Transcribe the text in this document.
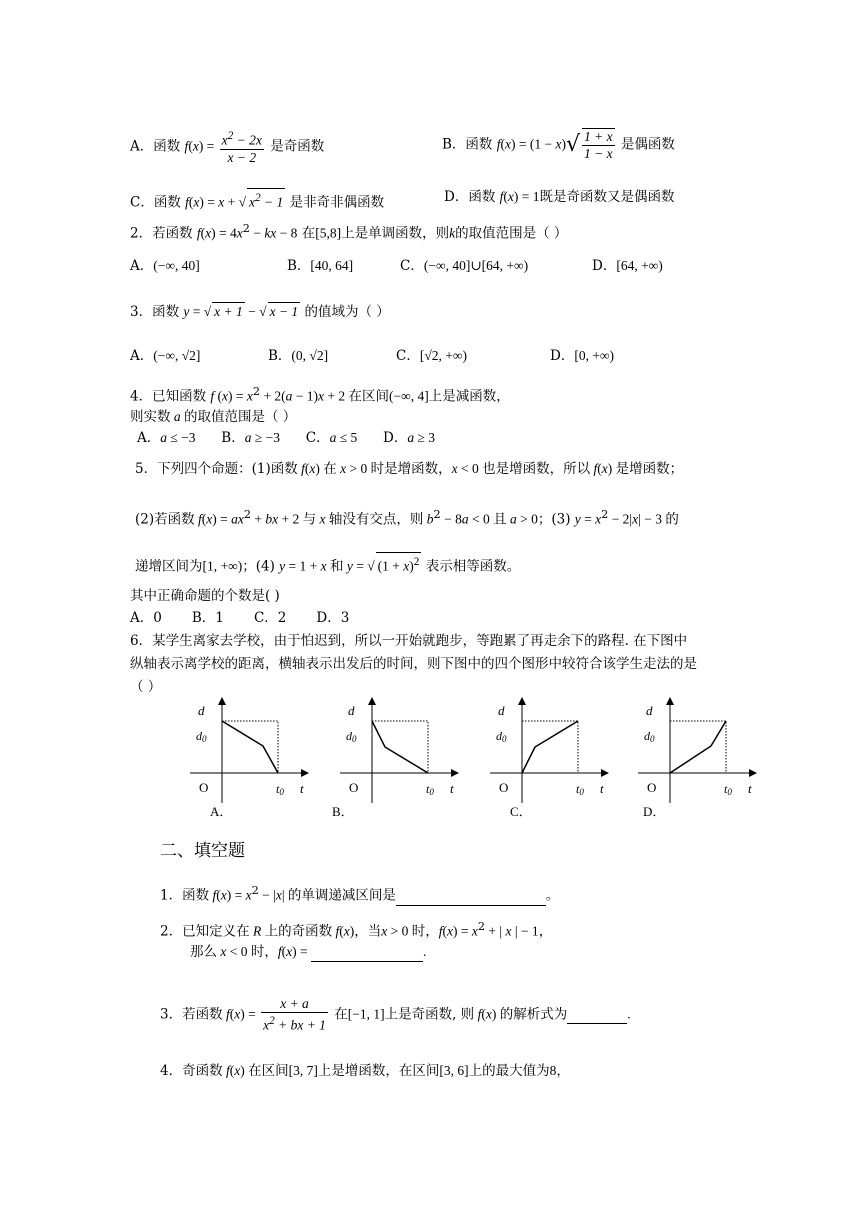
A．函数 $f(x) = \frac{x^2 - 2x}{x - 2}$ 是奇函数	B．函数 $f(x) = (1 - x)√ \frac{1 + x}{1 - x}$ 是偶函数
C．函数 f(x) = x + √ $x^2 - 1$ 是非奇非偶函数	D．函数 f(x) = 1既是奇函数又是偶函数
2．若函数 $f(x) = 4x^2$ − kx − 8 在[5,8]上是单调函数，则k的取值范围是（ ）
A．(−∞, 40]	B．[40, 64]	C．(−∞, 40]∪[64, +∞)	D．[64, +∞)
3．函数 y = √ x + 1 − √ x − 1 的值域为（ ）
A．(−∞, √2]	B．(0, √2]	C．[√2, +∞)	D．[0, +∞)
4．已知函数 f $(x) = x^2 + 2(a - 1)x + 2$ 在区间(−∞, 4]上是减函数，
则实数 a 的取值范围是（ ）
A．a ≤ −3 B．a ≥ −3 C．a ≤ 5 D．a ≥ 3
5．下列四个命题：(1)函数 f(x) 在 x > 0 时是增函数，x < 0 也是增函数，所以 f(x) 是增函数；
(2)若函数 $f(x) = ax^2$ + bx + 2 与 x 轴没有交点，则 $b^2 - 8a < 0$ 且 a > 0；(3) $y = x^2 - 2|x| - 3$ 的
递增区间为[1, +∞)；(4) y = 1 + x 和 y = √ $(1 + x)^2$ 表示相等函数。
其中正确命题的个数是( )
A．0 B．1 C．2 D．3
6．某学生离家去学校，由于怕迟到，所以一开始就跑步，等跑累了再走余下的路程. 在下图中
纵轴表示离学校的距离，横轴表示出发后的时间，则下图中的四个图形中较符合该学生走法的是
（ ）
d
d0
O	t0 t
A．
d
d0
O	t0 t
B．
d
d0
O	t0 t
C．
d
d0
O	t0 t
D．
二、填空题
1．函数 $f(x) = x^2 - |x|$ 的单调递减区间是	。
2．已知定义在 R 上的奇函数 f(x)，当x > 0 时，$f(x) = x^2$ + | x | − 1，
那么 x < 0 时，f(x) =	.
3．若函数 $f(x) = \frac{x + a}{x^2 + bx + 1}$ 在[−1, 1]上是奇函数, 则 f(x) 的解析式为	.
4．奇函数 f(x) 在区间[3, 7]上是增函数，在区间[3, 6]上的最大值为8，
